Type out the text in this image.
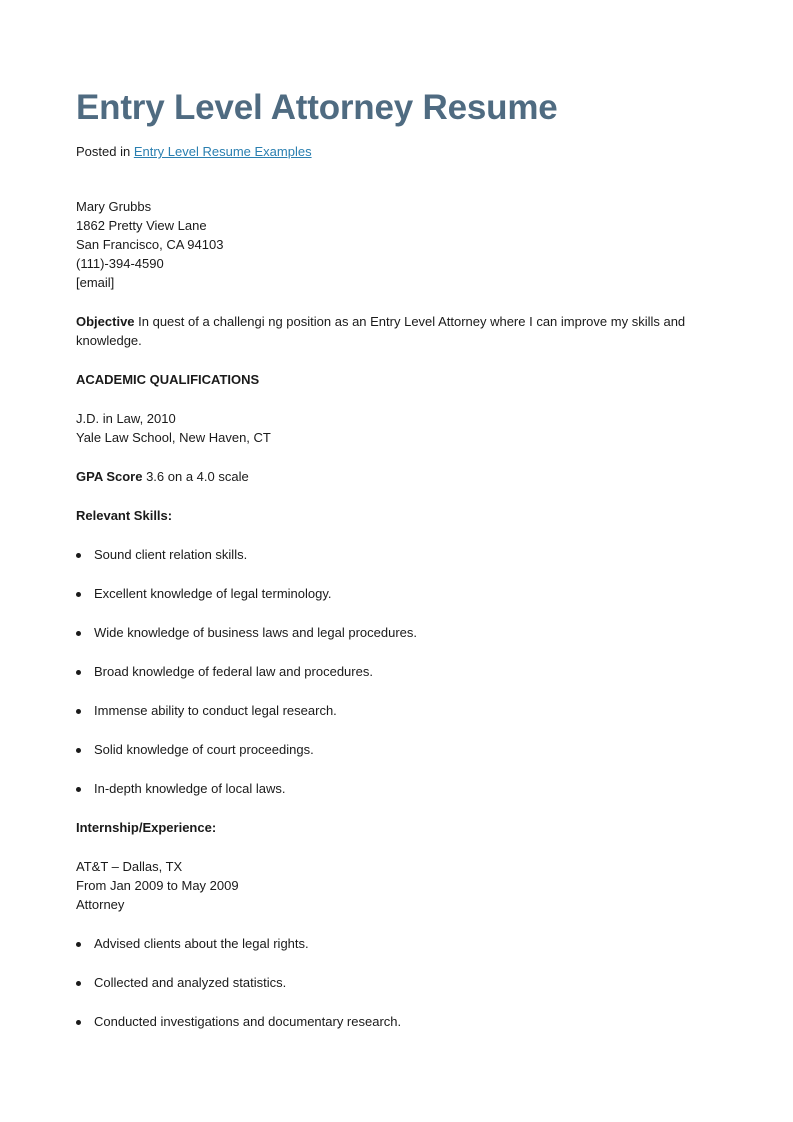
Entry Level Attorney Resume
Posted in Entry Level Resume Examples
Mary Grubbs
1862 Pretty View Lane
San Francisco, CA 94103
(111)-394-4590
[email]
Objective In quest of a challengi ng position as an Entry Level Attorney where I can improve my skills and knowledge.
ACADEMIC QUALIFICATIONS
J.D. in Law, 2010
Yale Law School, New Haven, CT
GPA Score 3.6 on a 4.0 scale
Relevant Skills:
Sound client relation skills.
Excellent knowledge of legal terminology.
Wide knowledge of business laws and legal procedures.
Broad knowledge of federal law and procedures.
Immense ability to conduct legal research.
Solid knowledge of court proceedings.
In-depth knowledge of local laws.
Internship/Experience:
AT&T – Dallas, TX
From Jan 2009 to May 2009
Attorney
Advised clients about the legal rights.
Collected and analyzed statistics.
Conducted investigations and documentary research.
